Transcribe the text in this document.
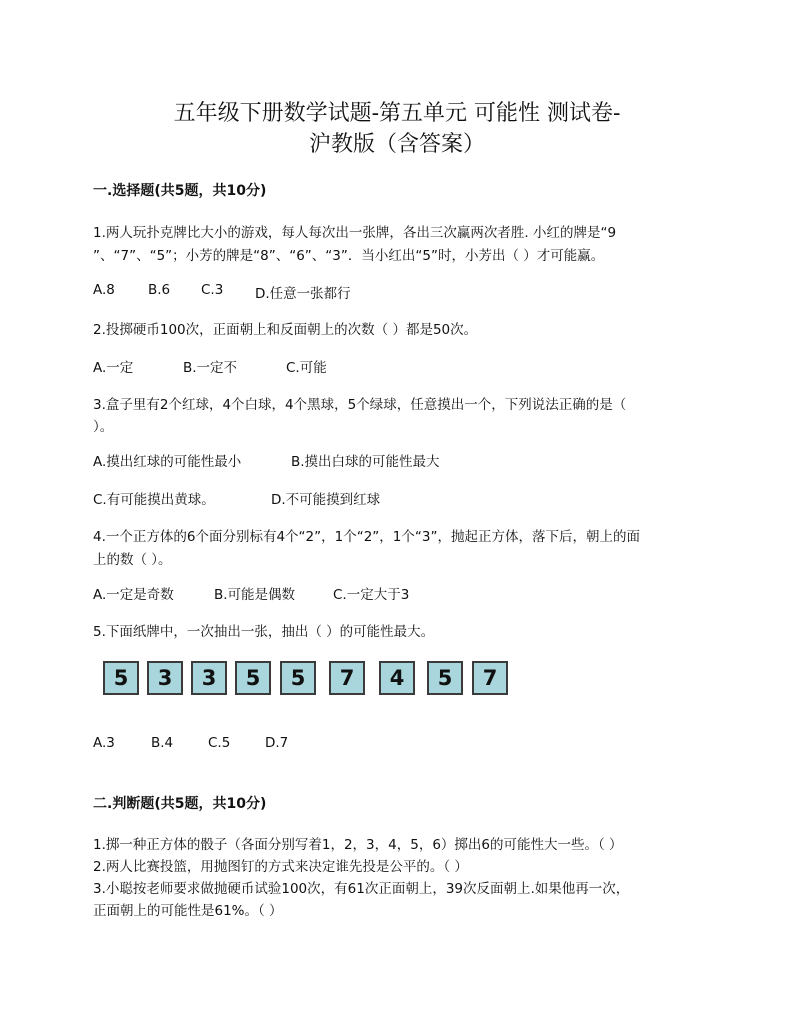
五年级下册数学试题-第五单元 可能性 测试卷-
沪教版（含答案）
一.选择题(共5题，共10分)
1.两人玩扑克牌比大小的游戏，每人每次出一张牌，各出三次赢两次者胜. 小红的牌是“9
”、“7”、“5”；小芳的牌是“8”、“6”、“3”．当小红出“5”时，小芳出（ ）才可能赢。
A.8 B.6 C.3 D.任意一张都行
2.投掷硬币100次，正面朝上和反面朝上的次数（ ）都是50次。
A.一定	B.一定不	C.可能
3.盒子里有2个红球，4个白球，4个黑球，5个绿球，任意摸出一个，下列说法正确的是（
）。
A.摸出红球的可能性最小	B.摸出白球的可能性最大
C.有可能摸出黄球。	D.不可能摸到红球
4.一个正方体的6个面分别标有4个“2”，1个“2”，1个“3”，抛起正方体，落下后，朝上的面
上的数（ ）。
A.一定是奇数	B.可能是偶数	C.一定大于3
5.下面纸牌中，一次抽出一张，抽出（ ）的可能性最大。
5	3	3	5	5	7	4	5	7
A.3	B.4	C.5	D.7
二.判断题(共5题，共10分)
1.掷一种正方体的骰子（各面分别写着1，2，3，4，5，6）掷出6的可能性大一些。（ ）
2.两人比赛投篮，用抛图钉的方式来决定谁先投是公平的。（ ）
3.小聪按老师要求做抛硬币试验100次，有61次正面朝上，39次反面朝上.如果他再一次，
正面朝上的可能性是61%。（ ）
